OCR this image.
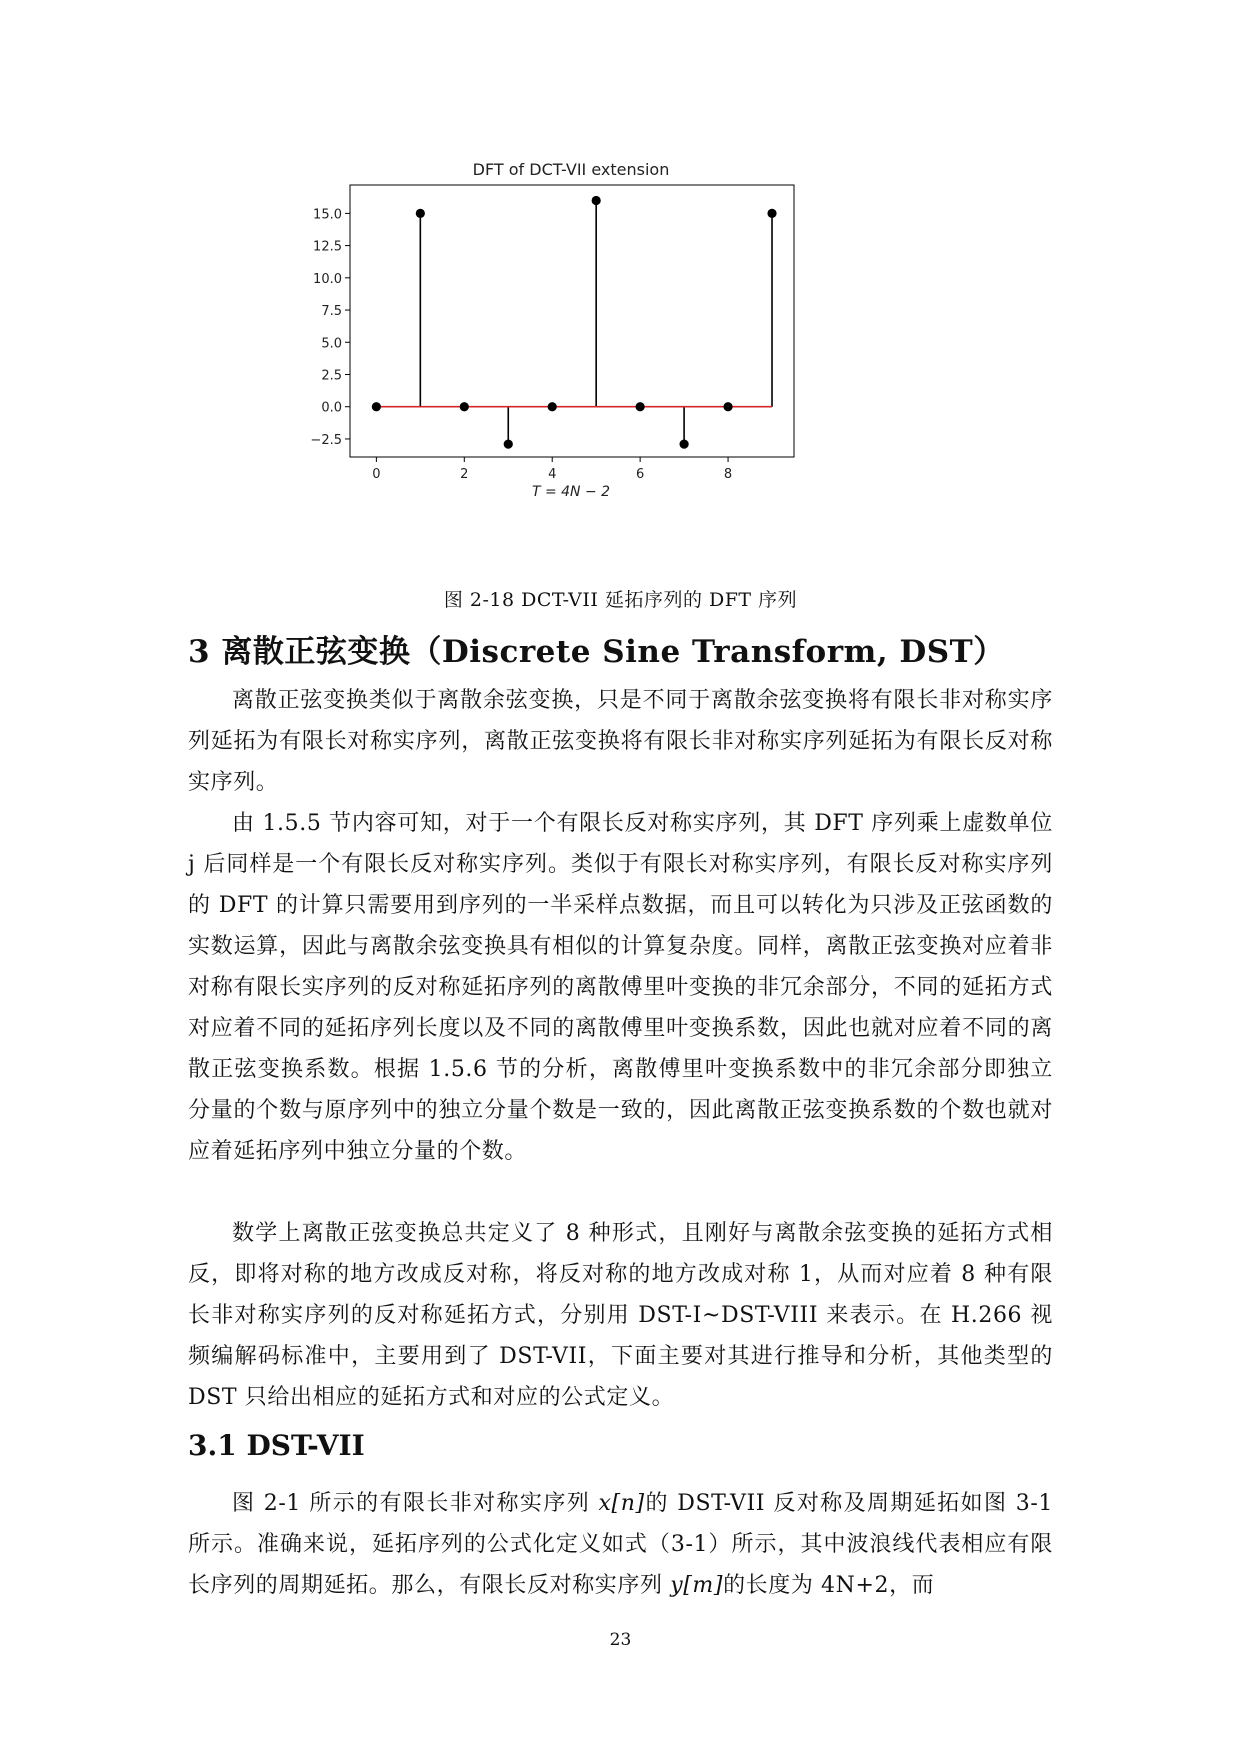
DFT of DCT-VII extension
−2.5
0.0
2.5
5.0
7.5
10.0
12.5
15.0
0	2	4	6	8
T = 4N − 2
图 2-18 DCT-VII 延拓序列的 DFT 序列
3 离散正弦变换（Discrete Sine Transform, DST）

离散正弦变换类似于离散余弦变换，只是不同于离散余弦变换将有限长非对称实序列延拓为有限长对称实序列，离散正弦变换将有限长非对称实序列延拓为有限长反对称实序列。

由 1.5.5 节内容可知，对于一个有限长反对称实序列，其 DFT 序列乘上虚数单位 j 后同样是一个有限长反对称实序列。类似于有限长对称实序列，有限长反对称实序列的 DFT 的计算只需要用到序列的一半采样点数据，而且可以转化为只涉及正弦函数的实数运算，因此与离散余弦变换具有相似的计算复杂度。同样，离散正弦变换对应着非对称有限长实序列的反对称延拓序列的离散傅里叶变换的非冗余部分，不同的延拓方式对应着不同的延拓序列长度以及不同的离散傅里叶变换系数，因此也就对应着不同的离散正弦变换系数。根据 1.5.6 节的分析，离散傅里叶变换系数中的非冗余部分即独立分量的个数与原序列中的独立分量个数是一致的，因此离散正弦变换系数的个数也就对应着延拓序列中独立分量的个数。

数学上离散正弦变换总共定义了 8 种形式，且刚好与离散余弦变换的延拓方式相反，即将对称的地方改成反对称，将反对称的地方改成对称 1，从而对应着 8 种有限长非对称实序列的反对称延拓方式，分别用 DST-I~DST-VIII 来表示。在 H.266 视频编解码标准中，主要用到了 DST-VII，下面主要对其进行推导和分析，其他类型的 DST 只给出相应的延拓方式和对应的公式定义。

3.1 DST-VII

图 2-1 所示的有限长非对称实序列 x[n]的 DST-VII 反对称及周期延拓如图 3-1 所示。准确来说，延拓序列的公式化定义如式（3-1）所示，其中波浪线代表相应有限长序列的周期延拓。那么，有限长反对称实序列 y[m]的长度为 4N+2，而

23
